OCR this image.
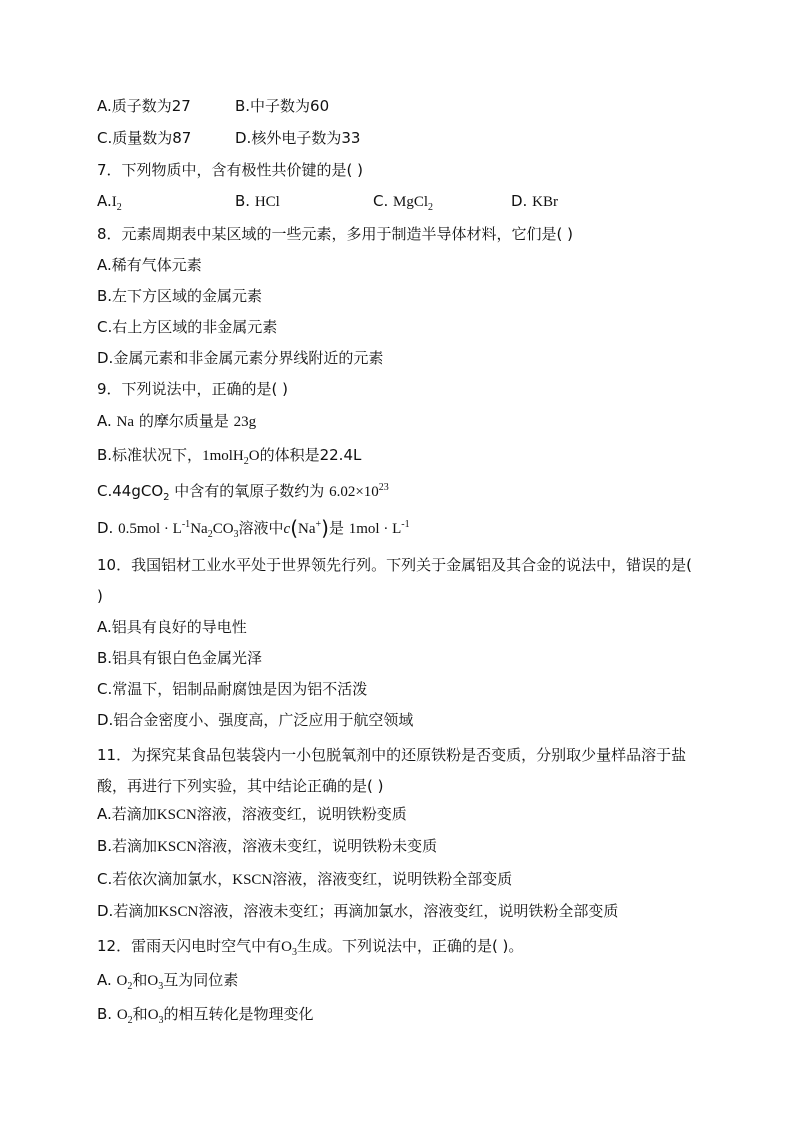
A.质子数为27	B.中子数为60
C.质量数为87	D.核外电子数为33
7．下列物质中，含有极性共价键的是( )
$A.I_2$	B. HCl	C. MgCl$_2$	D. KBr
8．元素周期表中某区域的一些元素，多用于制造半导体材料，它们是( )
A.稀有气体元素
B.左下方区域的金属元素
C.右上方区域的非金属元素
D.金属元素和非金属元素分界线附近的元素
9．下列说法中，正确的是( )
A. Na 的摩尔质量是 23g
B.标准状况下，1molH$_2$O的体积是22.4L
C.44gCO$_2$ 中含有的氧原子数约为 $6.02\times 10^{23}$
D. $0.5mol \cdot L^{-1}Na_2CO_3$溶液中c(Na+)是 $1mol \cdot L^{-1}$
10．我国铝材工业水平处于世界领先行列。下列关于金属铝及其合金的说法中，错误的是( )
A.铝具有良好的导电性
B.铝具有银白色金属光泽
C.常温下，铝制品耐腐蚀是因为铝不活泼
D.铝合金密度小、强度高，广泛应用于航空领域
11．为探究某食品包装袋内一小包脱氧剂中的还原铁粉是否变质，分别取少量样品溶于盐酸，再进行下列实验，其中结论正确的是( )
A.若滴加KSCN溶液，溶液变红，说明铁粉变质
B.若滴加KSCN溶液，溶液未变红，说明铁粉未变质
C.若依次滴加氯水，KSCN溶液，溶液变红，说明铁粉全部变质
D.若滴加KSCN溶液，溶液未变红；再滴加氯水，溶液变红，说明铁粉全部变质
12．雷雨天闪电时空气中有$O_3$生成。下列说法中，正确的是( )。
A. $O_2$和$O_3$互为同位素
B. $O_2$和$O_3$的相互转化是物理变化
